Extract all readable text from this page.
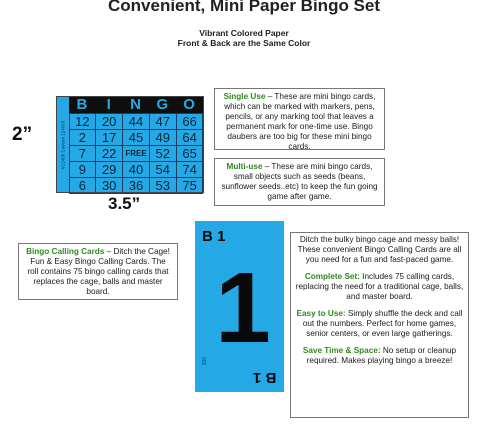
Convenient, Mini Paper Bingo Set
Vibrant Colored Paper
Front & Back are the Same Color
V12456 Caveen 124563
B	I	N G O
12 20 44 47 66
2	17 45 49 64
7	22	FREE 52 65
9	29 40 54 74
6	30 36 53 75
2”
3.5”
Single Use – These are mini bingo cards, which can be marked with markers, pens, pencils, or any marking tool that leaves a permanent mark for one-time use. Bingo daubers are too big for these mini bingo cards.
Multi-use – These are mini bingo cards, small objects such as seeds (beans, sunflower seeds..etc) to keep the fun going game after game.
Bingo Calling Cards – Ditch the Cage! Fun & Easy Bingo Calling Cards. The roll contains 75 bingo calling cards that replaces the cage, balls and master board.
B 1
1
B 1
001

Ditch the bulky bingo cage and messy balls! These convenient Bingo Calling Cards are all you need for a fun and fast-paced game.

Complete Set: Includes 75 calling cards, replacing the need for a traditional cage, balls, and master board.

Easy to Use: Simply shuffle the deck and call out the numbers. Perfect for home games, senior centers, or even large gatherings.

Save Time & Space: No setup or cleanup required. Makes playing bingo a breeze!
